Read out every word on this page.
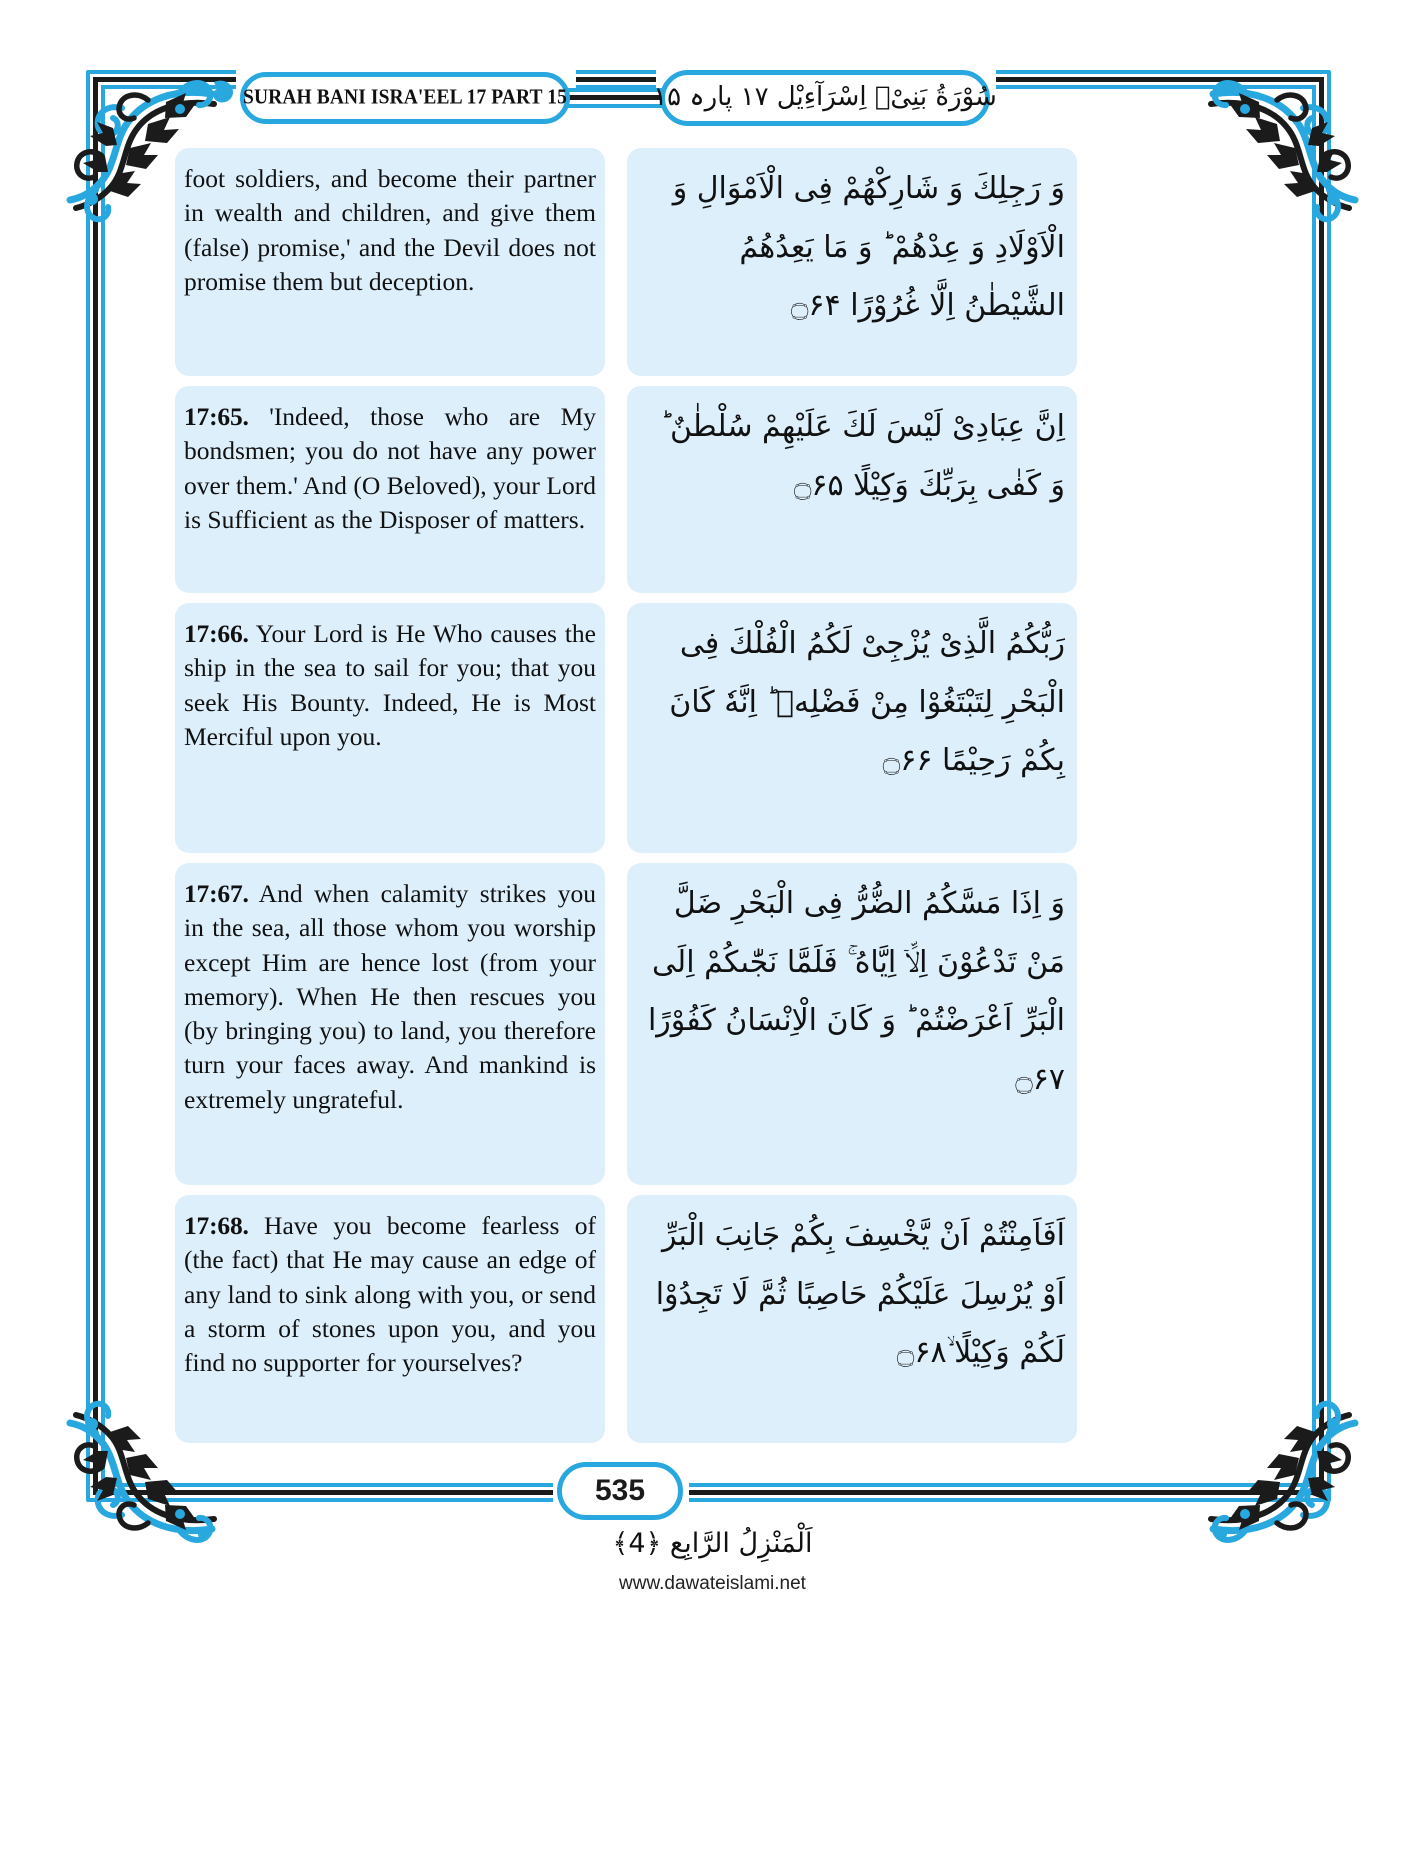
SURAH BANI ISRA'EEL 17 PART 15	سُوْرَةُ بَنِیْۤ اِسْرَآءِیْل ۱۷ پارہ ۱۵
foot soldiers, and become their partner in wealth and children, and give them (false) promise,' and the Devil does not promise them but deception.
17:65. 'Indeed, those who are My bondsmen; you do not have any power over them.' And (O Beloved), your Lord is Sufficient as the Disposer of matters.
17:66. Your Lord is He Who causes the ship in the sea to sail for you; that you seek His Bounty. Indeed, He is Most Merciful upon you.
17:67. And when calamity strikes you in the sea, all those whom you worship except Him are hence lost (from your memory). When He then rescues you (by bringing you) to land, you therefore turn your faces away. And mankind is extremely ungrateful.
17:68. Have you become fearless of (the fact) that He may cause an edge of any land to sink along with you, or send a storm of stones upon you, and you find no supporter for yourselves?
وَ رَجِلِكَ وَ شَارِكْهُمْ فِی الْاَمْوَالِ وَ الْاَوْلَادِ وَ عِدْهُمْ ؕ وَ مَا یَعِدُهُمُ الشَّیْطٰنُ اِلَّا غُرُوْرًا ۝۶۴
اِنَّ عِبَادِیْ لَیْسَ لَكَ عَلَیْهِمْ سُلْطٰنٌ ؕ وَ كَفٰی بِرَبِّكَ وَكِیْلًا ۝۶۵
رَبُّكُمُ الَّذِیْ یُزْجِیْ لَكُمُ الْفُلْكَ فِی الْبَحْرِ لِتَبْتَغُوْا مِنْ فَضْلِهٖ ؕ اِنَّهٗ كَانَ بِكُمْ رَحِیْمًا ۝۶۶
وَ اِذَا مَسَّكُمُ الضُّرُّ فِی الْبَحْرِ ضَلَّ مَنْ تَدْعُوْنَ اِلَّاۤ اِیَّاهُ ۚ فَلَمَّا نَجّٰىكُمْ اِلَی الْبَرِّ اَعْرَضْتُمْ ؕ وَ كَانَ الْاِنْسَانُ كَفُوْرًا ۝۶۷
اَفَاَمِنْتُمْ اَنْ یَّخْسِفَ بِكُمْ جَانِبَ الْبَرِّ اَوْ یُرْسِلَ عَلَیْكُمْ حَاصِبًا ثُمَّ لَا تَجِدُوْا لَكُمْ وَكِیْلًا ۙ۝۶۸
535
اَلْمَنْزِلُ الرَّابِع ﴿4﴾
www.dawateislami.net
